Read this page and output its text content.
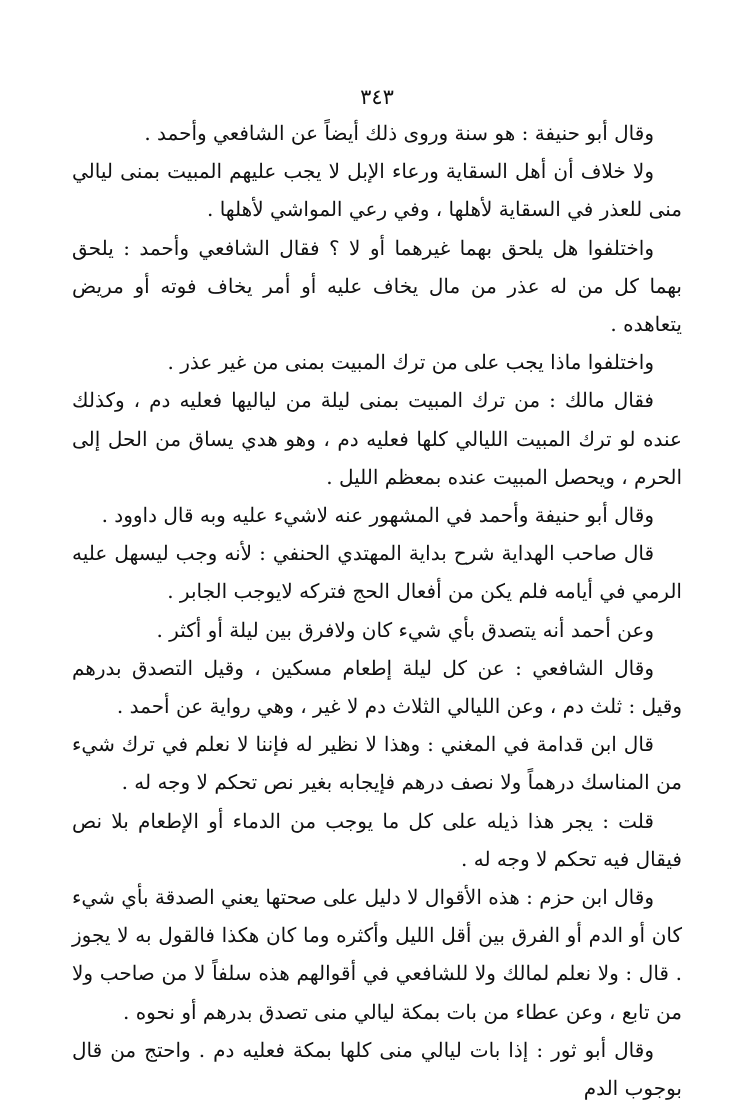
٣٤٣

وقال أبو حنيفة : هو سنة وروى ذلك أيضاً عن الشافعي وأحمد .

ولا خلاف أن أهل السقاية ورعاء الإبل لا يجب عليهم المبيت بمنى ليالي منى للعذر في السقاية لأهلها ، وفي رعي المواشي لأهلها .

واختلفوا هل يلحق بهما غيرهما أو لا ؟ فقال الشافعي وأحمد : يلحق بهما كل من له عذر من مال يخاف عليه أو أمر يخاف فوته أو مريض يتعاهده .

واختلفوا ماذا يجب على من ترك المبيت بمنى من غير عذر .

فقال مالك : من ترك المبيت بمنى ليلة من لياليها فعليه دم ، وكذلك عنده لو ترك المبيت الليالي كلها فعليه دم ، وهو هدي يساق من الحل إلى الحرم ، ويحصل المبيت عنده بمعظم الليل .

وقال أبو حنيفة وأحمد في المشهور عنه لاشيء عليه وبه قال داوود .

قال صاحب الهداية شرح بداية المهتدي الحنفي : لأنه وجب ليسهل عليه الرمي في أيامه فلم يكن من أفعال الحج فتركه لايوجب الجابر .

وعن أحمد أنه يتصدق بأي شيء كان ولافرق بين ليلة أو أكثر .

وقال الشافعي : عن كل ليلة إطعام مسكين ، وقيل التصدق بدرهم وقيل : ثلث دم ، وعن الليالي الثلاث دم لا غير ، وهي رواية عن أحمد .

قال ابن قدامة في المغني : وهذا لا نظير له فإننا لا نعلم في ترك شيء من المناسك درهماً ولا نصف درهم فإيجابه بغير نص تحكم لا وجه له .

قلت : يجر هذا ذيله على كل ما يوجب من الدماء أو الإطعام بلا نص فيقال فيه تحكم لا وجه له .

وقال ابن حزم : هذه الأقوال لا دليل على صحتها يعني الصدقة بأي شيء كان أو الدم أو الفرق بين أقل الليل وأكثره وما كان هكذا فالقول به لا يجوز . قال : ولا نعلم لمالك ولا للشافعي في أقوالهم هذه سلفاً لا من صاحب ولا من تابع ، وعن عطاء من بات بمكة ليالي منى تصدق بدرهم أو نحوه .

وقال أبو ثور : إذا بات ليالي منى كلها بمكة فعليه دم . واحتج من قال بوجوب الدم
